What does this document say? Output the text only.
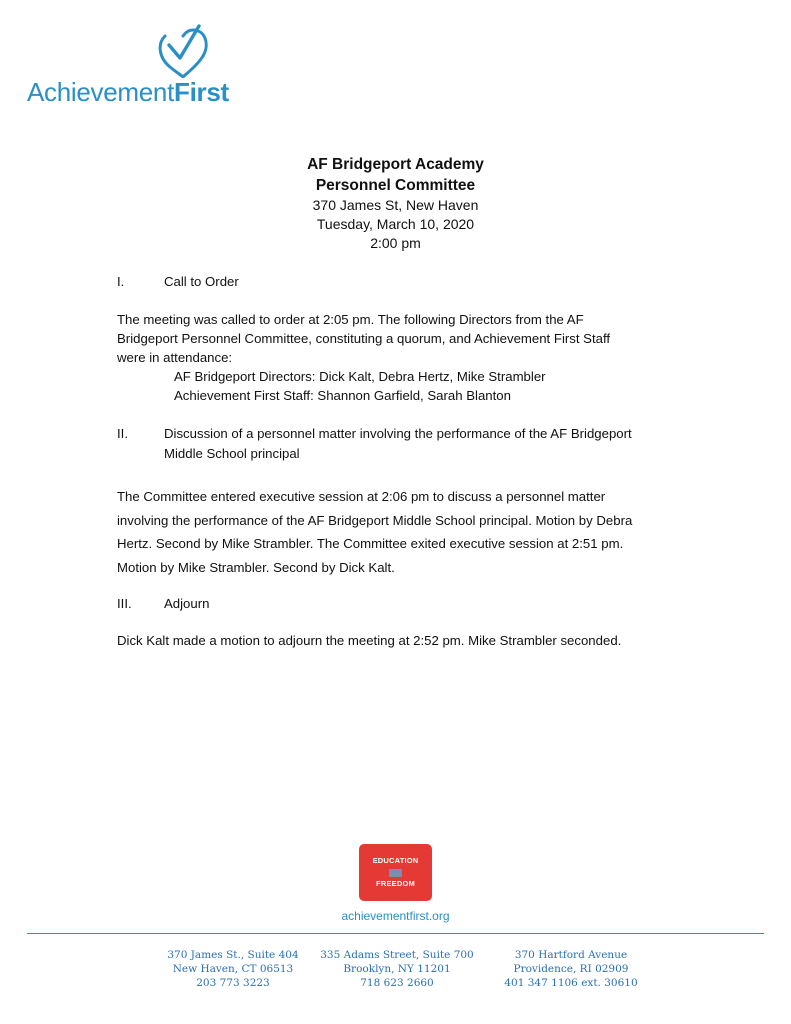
AchievementFirst
AF Bridgeport Academy
Personnel Committee
370 James St, New Haven
Tuesday, March 10, 2020
2:00 pm
I.	Call to Order
The meeting was called to order at 2:05 pm. The following Directors from the AF
Bridgeport Personnel Committee, constituting a quorum, and Achievement First Staff
were in attendance:
AF Bridgeport Directors: Dick Kalt, Debra Hertz, Mike Strambler
Achievement First Staff: Shannon Garfield, Sarah Blanton
II.	Discussion of a personnel matter involving the performance of the AF Bridgeport
Middle School principal
The Committee entered executive session at 2:06 pm to discuss a personnel matter
involving the performance of the AF Bridgeport Middle School principal. Motion by Debra
Hertz. Second by Mike Strambler. The Committee exited executive session at 2:51 pm.
Motion by Mike Strambler. Second by Dick Kalt.
III. Adjourn
Dick Kalt made a motion to adjourn the meeting at 2:52 pm. Mike Strambler seconded.
EDUCATION
FREEDOM
achievementfirst.org
370 James St., Suite 404
New Haven, CT 06513
203 773 3223
335 Adams Street, Suite 700
Brooklyn, NY 11201
718 623 2660
370 Hartford Avenue
Providence, RI 02909
401 347 1106 ext. 30610
